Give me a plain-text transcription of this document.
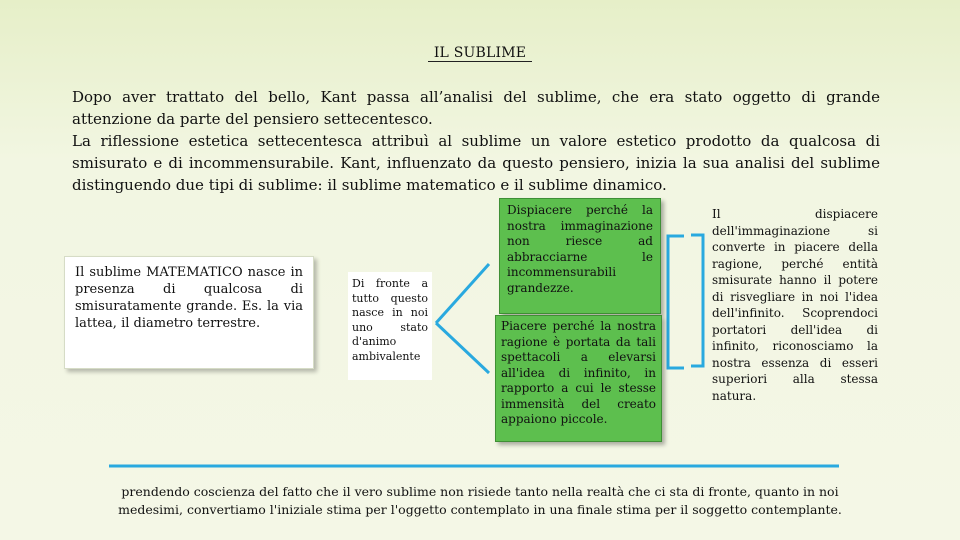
IL SUBLIME

Dopo aver trattato del bello, Kant passa all’analisi del sublime, che era stato oggetto di grande attenzione da parte del pensiero settecentesco.

La riflessione estetica settecentesca attribuì al sublime un valore estetico prodotto da qualcosa di smisurato e di incommensurabile. Kant, influenzato da questo pensiero, inizia la sua analisi del sublime distinguendo due tipi di sublime: il sublime matematico e il sublime dinamico.

Il sublime MATEMATICO nasce in presenza di qualcosa di smisuratamente grande. Es. la via lattea, il diametro terrestre.
Di fronte a tutto questo nasce in noi uno stato d'animo ambivalente
Dispiacere perché la nostra immaginazione non riesce ad abbracciarne le incommensurabili grandezze.
Piacere perché la nostra ragione è portata da tali spettacoli a elevarsi all'idea di infinito, in rapporto a cui le stesse immensità del creato appaiono piccole.
Il dispiacere dell'immaginazione si converte in piacere della ragione, perché entità smisurate hanno il potere di risvegliare in noi l'idea dell'infinito. Scoprendoci portatori dell'idea di infinito, riconosciamo la nostra essenza di esseri superiori alla stessa natura.
prendendo coscienza del fatto che il vero sublime non risiede tanto nella realtà che ci sta di fronte, quanto in noi medesimi, convertiamo l'iniziale stima per l'oggetto contemplato in una finale stima per il soggetto contemplante.
